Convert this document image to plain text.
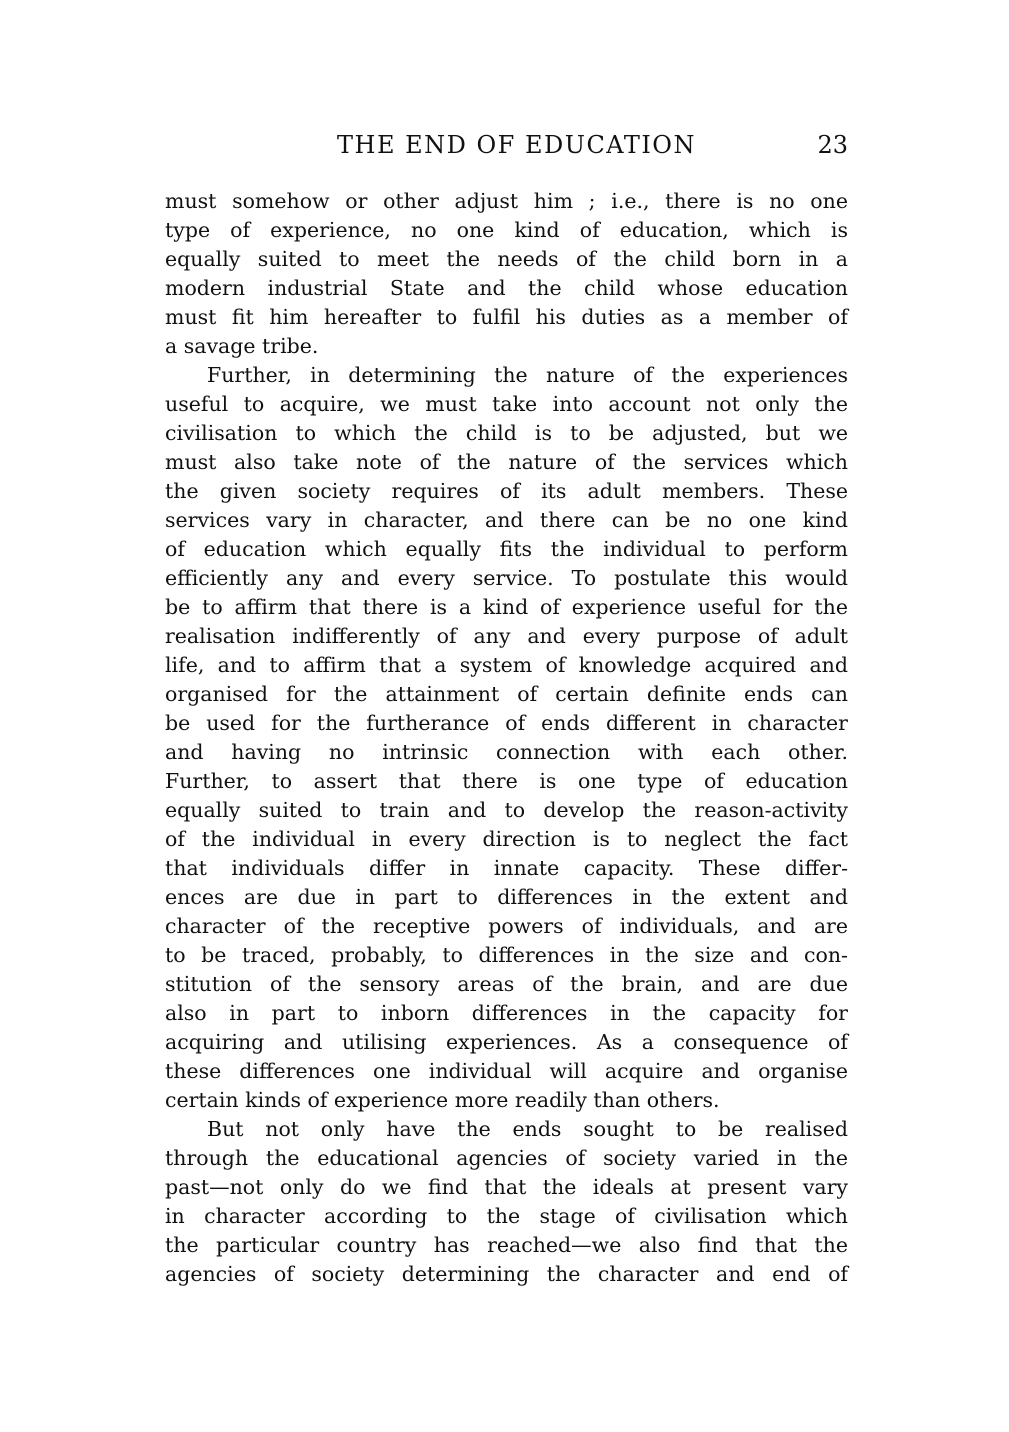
THE END OF EDUCATION	23
must somehow or other adjust him ; i.e., there is no one
type of experience, no one kind of education, which is
equally suited to meet the needs of the child born in a
modern industrial State and the child whose education
must fit him hereafter to fulfil his duties as a member of
a savage tribe.
Further, in determining the nature of the experiences
useful to acquire, we must take into account not only the
civilisation to which the child is to be adjusted, but we
must also take note of the nature of the services which
the given society requires of its adult members. These
services vary in character, and there can be no one kind
of education which equally fits the individual to perform
efficiently any and every service. To postulate this would
be to affirm that there is a kind of experience useful for the
realisation indifferently of any and every purpose of adult
life, and to affirm that a system of knowledge acquired and
organised for the attainment of certain definite ends can
be used for the furtherance of ends different in character
and having no intrinsic connection with each other.
Further, to assert that there is one type of education
equally suited to train and to develop the reason-activity
of the individual in every direction is to neglect the fact
that individuals differ in innate capacity. These differ-
ences are due in part to differences in the extent and
character of the receptive powers of individuals, and are
to be traced, probably, to differences in the size and con-
stitution of the sensory areas of the brain, and are due
also in part to inborn differences in the capacity for
acquiring and utilising experiences. As a consequence of
these differences one individual will acquire and organise
certain kinds of experience more readily than others.
But not only have the ends sought to be realised
through the educational agencies of society varied in the
past—not only do we find that the ideals at present vary
in character according to the stage of civilisation which
the particular country has reached—we also find that the
agencies of society determining the character and end of
